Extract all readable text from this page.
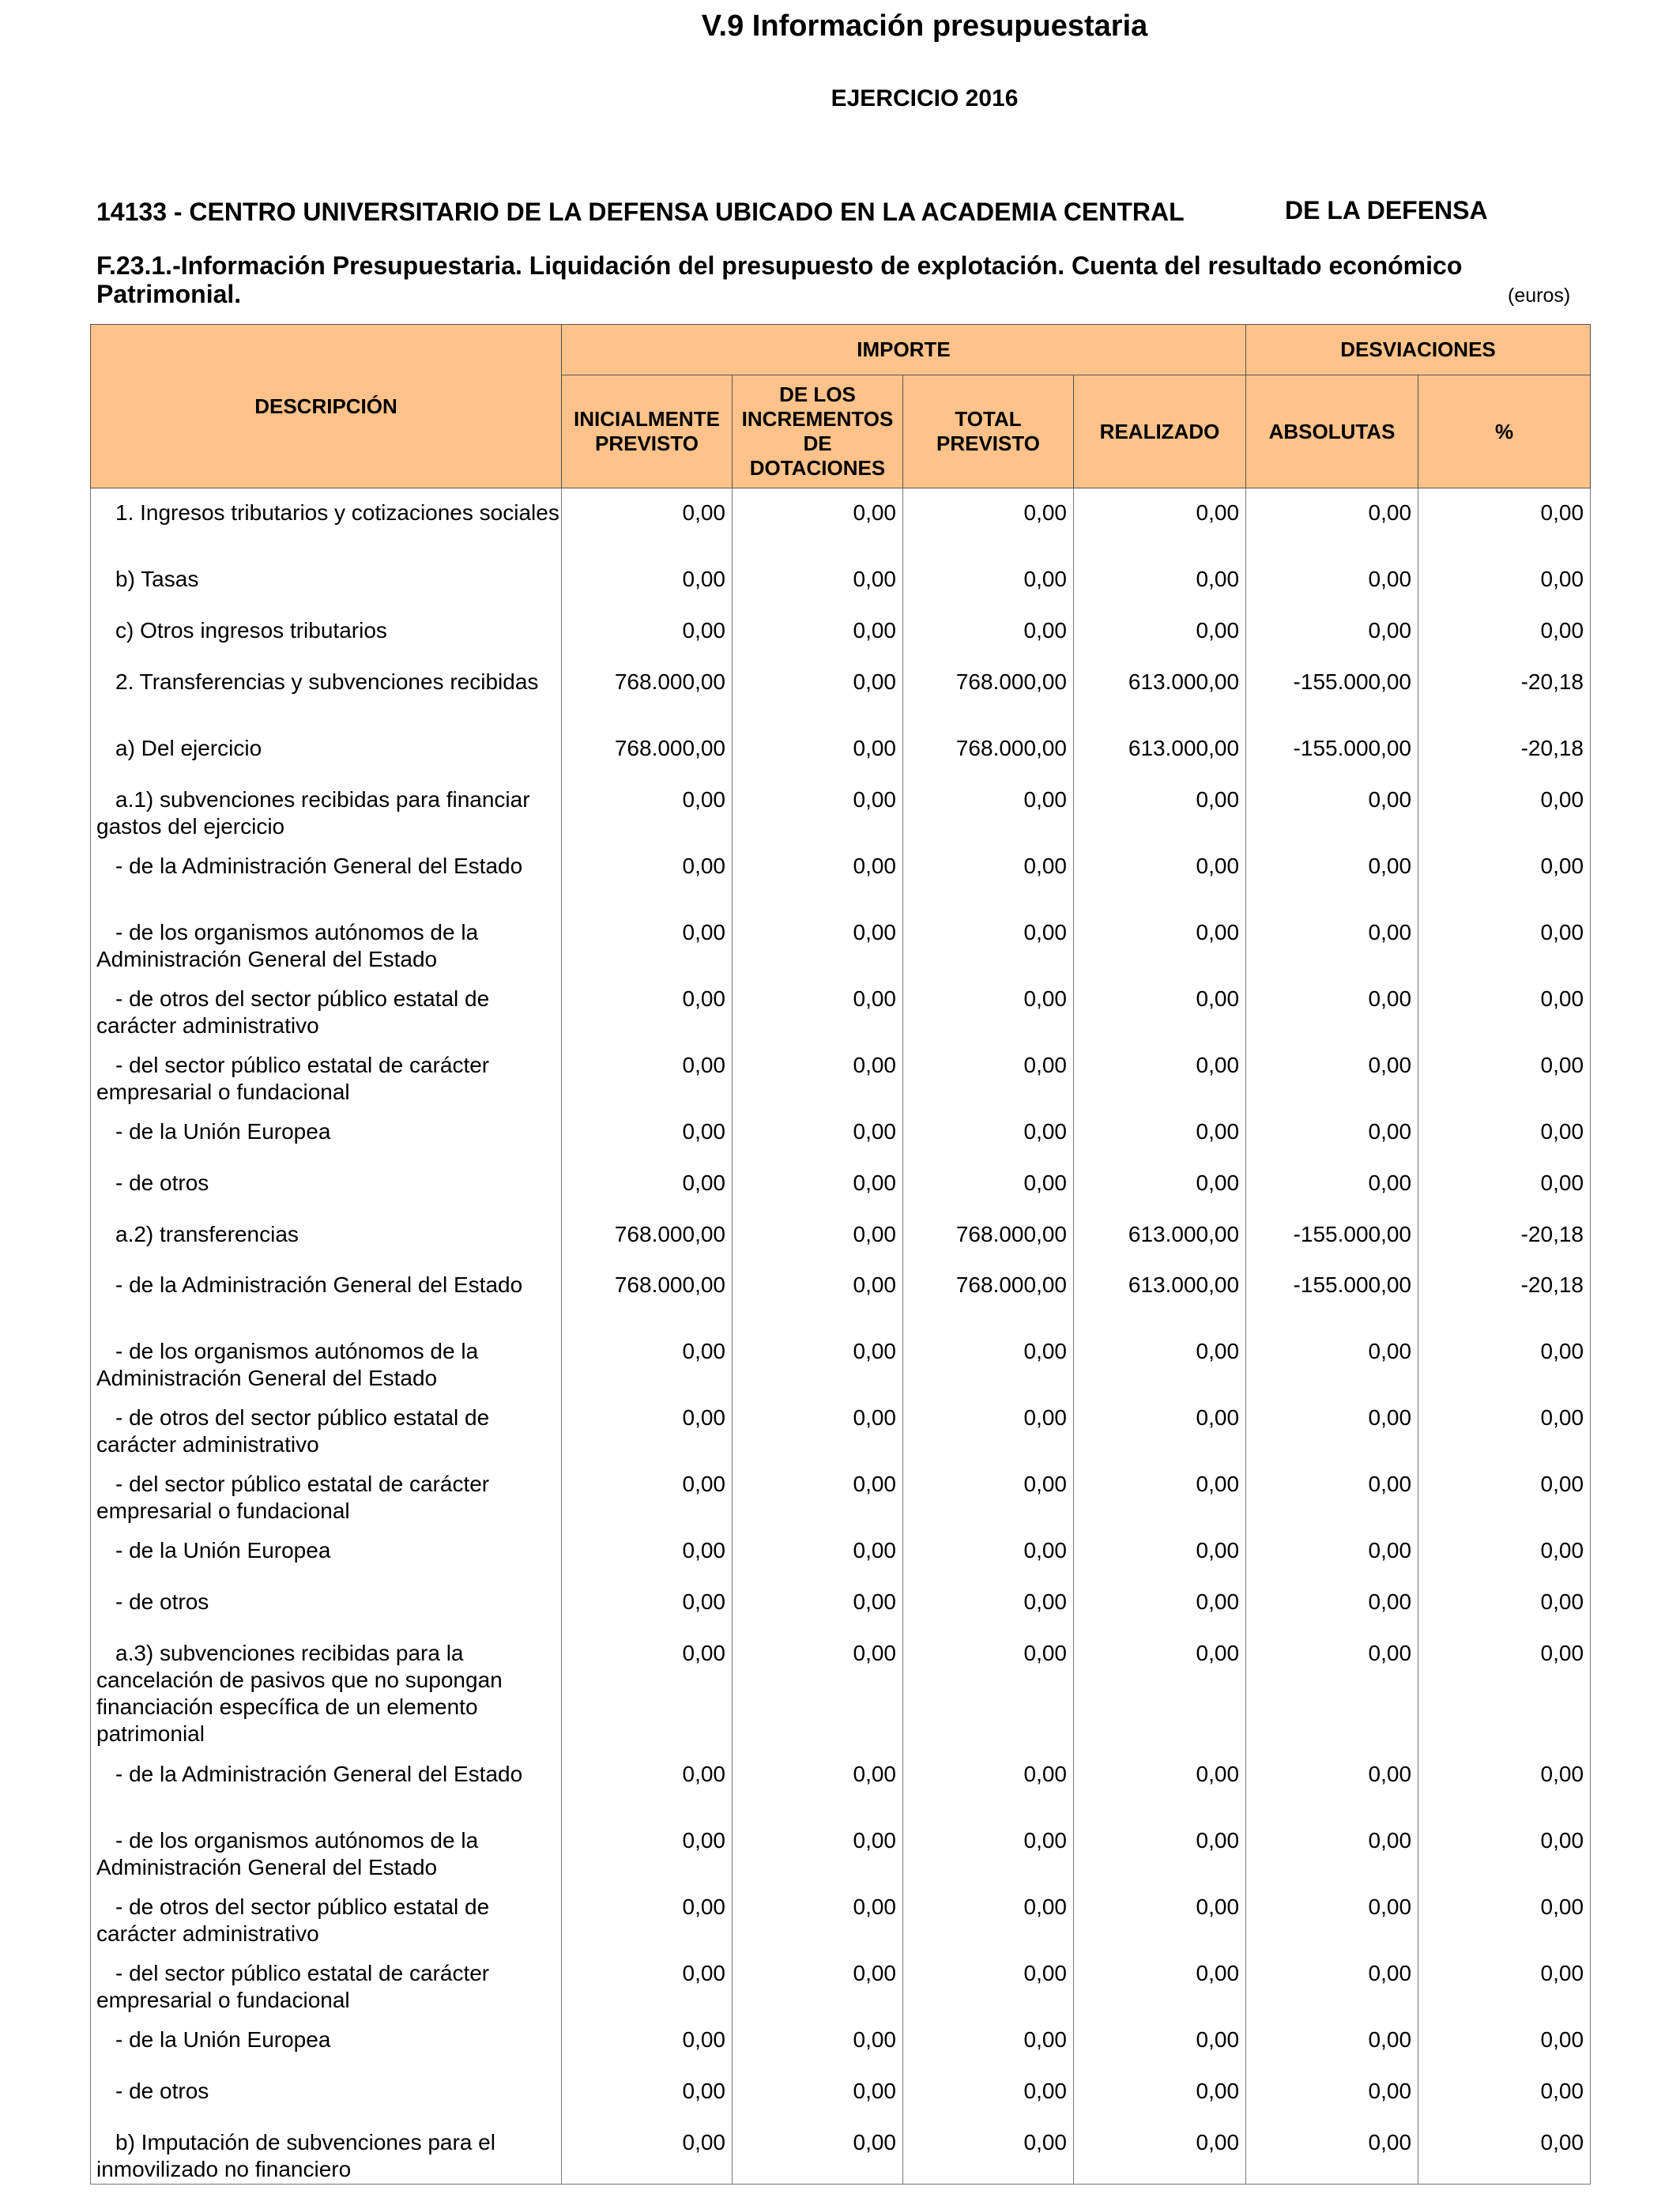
V.9 Información presupuestaria
EJERCICIO 2016
14133 - CENTRO UNIVERSITARIO DE LA DEFENSA UBICADO EN LA ACADEMIA CENTRAL	DE LA DEFENSA
F.23.1.-Información Presupuestaria. Liquidación del presupuesto de explotación. Cuenta del resultado económico Patrimonial.	(euros)
DESCRIPCIÓN	IMPORTE				DESVIACIONES	
	INICIALMENTE PREVISTO	DE LOS INCREMENTOS DE DOTACIONES	TOTAL PREVISTO	REALIZADO	ABSOLUTAS	%

1. Ingresos tributarios y cotizaciones sociales	0,00	0,00	0,00	0,00	0,00	0,00

b) Tasas	0,00	0,00	0,00	0,00	0,00	0,00

c) Otros ingresos tributarios	0,00	0,00	0,00	0,00	0,00	0,00

2. Transferencias y subvenciones recibidas	768.000,00	0,00	768.000,00	613.000,00	-155.000,00	-20,18

a) Del ejercicio	768.000,00	0,00	768.000,00	613.000,00	-155.000,00	-20,18

a.1) subvenciones recibidas para financiar gastos del ejercicio	0,00	0,00	0,00	0,00	0,00	0,00

- de la Administración General del Estado	0,00	0,00	0,00	0,00	0,00	0,00

- de los organismos autónomos de la Administración General del Estado	0,00	0,00	0,00	0,00	0,00	0,00

- de otros del sector público estatal de carácter administrativo	0,00	0,00	0,00	0,00	0,00	0,00

- del sector público estatal de carácter empresarial o fundacional	0,00	0,00	0,00	0,00	0,00	0,00

- de la Unión Europea	0,00	0,00	0,00	0,00	0,00	0,00

- de otros	0,00	0,00	0,00	0,00	0,00	0,00

a.2) transferencias	768.000,00	0,00	768.000,00	613.000,00	-155.000,00	-20,18

- de la Administración General del Estado	768.000,00	0,00	768.000,00	613.000,00	-155.000,00	-20,18

- de los organismos autónomos de la Administración General del Estado	0,00	0,00	0,00	0,00	0,00	0,00

- de otros del sector público estatal de carácter administrativo	0,00	0,00	0,00	0,00	0,00	0,00

- del sector público estatal de carácter empresarial o fundacional	0,00	0,00	0,00	0,00	0,00	0,00

- de la Unión Europea	0,00	0,00	0,00	0,00	0,00	0,00

- de otros	0,00	0,00	0,00	0,00	0,00	0,00

a.3) subvenciones recibidas para la cancelación de pasivos que no supongan financiación específica de un elemento patrimonial	0,00	0,00	0,00	0,00	0,00	0,00

- de la Administración General del Estado	0,00	0,00	0,00	0,00	0,00	0,00

- de los organismos autónomos de la Administración General del Estado	0,00	0,00	0,00	0,00	0,00	0,00

- de otros del sector público estatal de carácter administrativo	0,00	0,00	0,00	0,00	0,00	0,00

- del sector público estatal de carácter empresarial o fundacional	0,00	0,00	0,00	0,00	0,00	0,00

- de la Unión Europea	0,00	0,00	0,00	0,00	0,00	0,00

- de otros	0,00	0,00	0,00	0,00	0,00	0,00

b) Imputación de subvenciones para el inmovilizado no financiero	0,00	0,00	0,00	0,00	0,00	0,00
